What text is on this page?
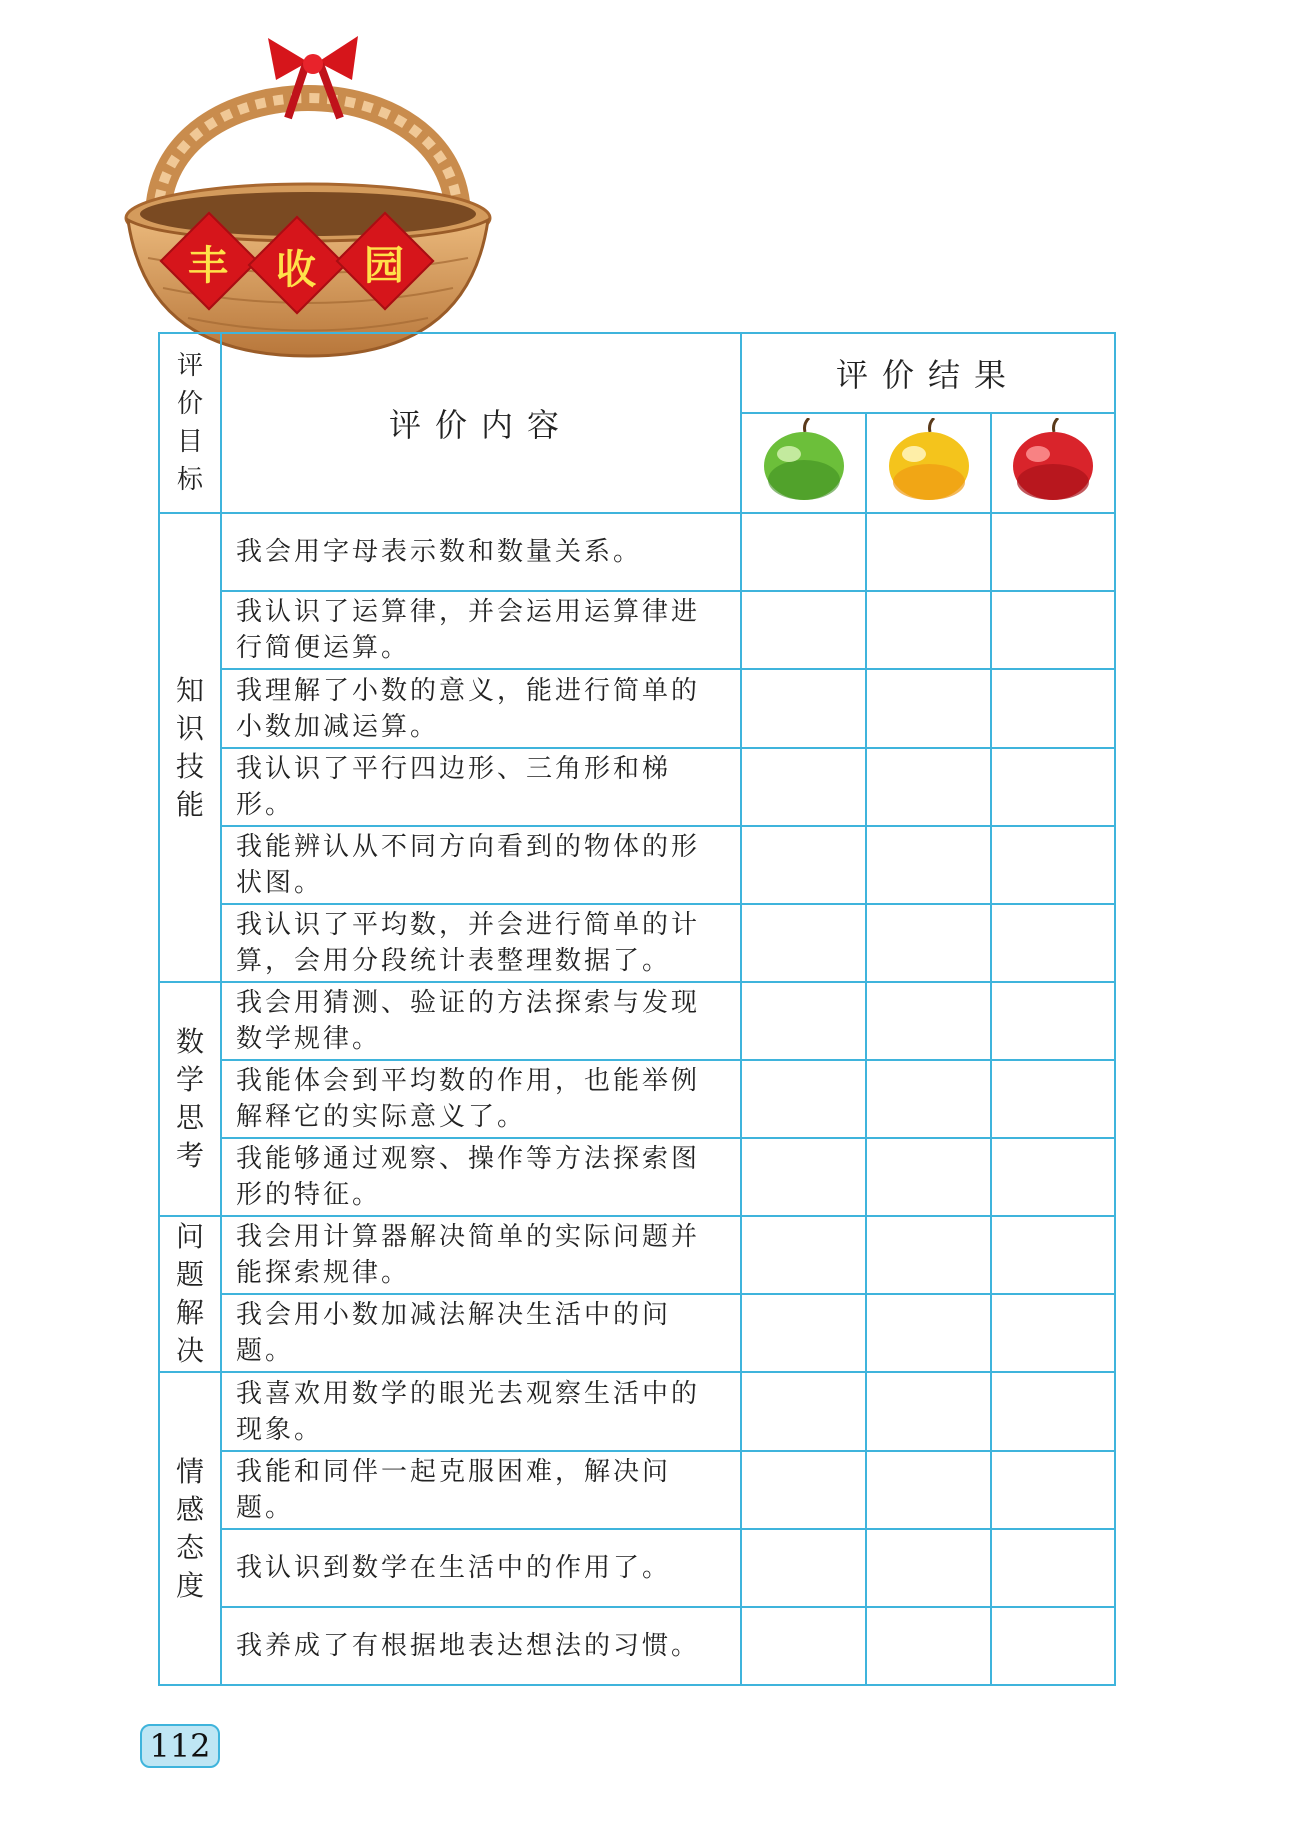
丰	收	园
评
价
目
标	评价内容	评价结果		

知
识
技
能	我会用字母表示数和数量关系。			
	我认识了运算律，并会运用运算律进行简便运算。			
	我理解了小数的意义，能进行简单的小数加减运算。			
	我认识了平行四边形、三角形和梯形。			
	我能辨认从不同方向看到的物体的形状图。			
	我认识了平均数，并会进行简单的计算，会用分段统计表整理数据了。			

数
学
思
考	我会用猜测、验证的方法探索与发现数学规律。			
	我能体会到平均数的作用，也能举例解释它的实际意义了。			
	我能够通过观察、操作等方法探索图形的特征。			

问
题
解
决	我会用计算器解决简单的实际问题并能探索规律。			
	我会用小数加减法解决生活中的问题。			

情
感
态
度	我喜欢用数学的眼光去观察生活中的现象。			
	我能和同伴一起克服困难，解决问题。			
	我认识到数学在生活中的作用了。			
	我养成了有根据地表达想法的习惯。			
112
